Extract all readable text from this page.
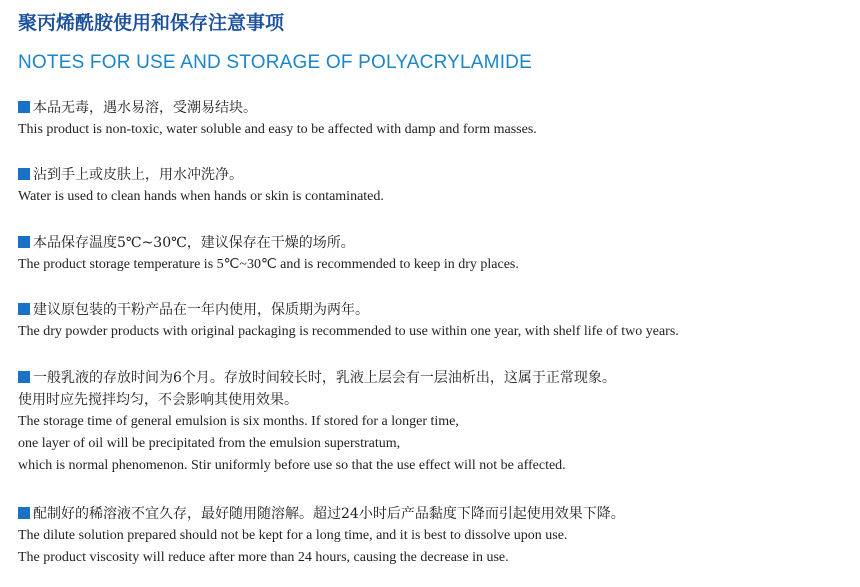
聚丙烯酰胺使用和保存注意事项
NOTES FOR USE AND STORAGE OF POLYACRYLAMIDE
本品无毒，遇水易溶，受潮易结块。
This product is non-toxic, water soluble and easy to be affected with damp and form masses.
沾到手上或皮肤上，用水冲洗净。
Water is used to clean hands when hands or skin is contaminated.
本品保存温度5℃~30℃，建议保存在干燥的场所。
The product storage temperature is 5℃~30℃ and is recommended to keep in dry places.
建议原包装的干粉产品在一年内使用，保质期为两年。
The dry powder products with original packaging is recommended to use within one year, with shelf life of two years.
一般乳液的存放时间为6个月。存放时间较长时，乳液上层会有一层油析出，这属于正常现象。
使用时应先搅拌均匀，不会影响其使用效果。
The storage time of general emulsion is six months. If stored for a longer time,
one layer of oil will be precipitated from the emulsion superstratum,
which is normal phenomenon. Stir uniformly before use so that the use effect will not be affected.
配制好的稀溶液不宜久存，最好随用随溶解。超过24小时后产品黏度下降而引起使用效果下降。
The dilute solution prepared should not be kept for a long time, and it is best to dissolve upon use.
The product viscosity will reduce after more than 24 hours, causing the decrease in use.
